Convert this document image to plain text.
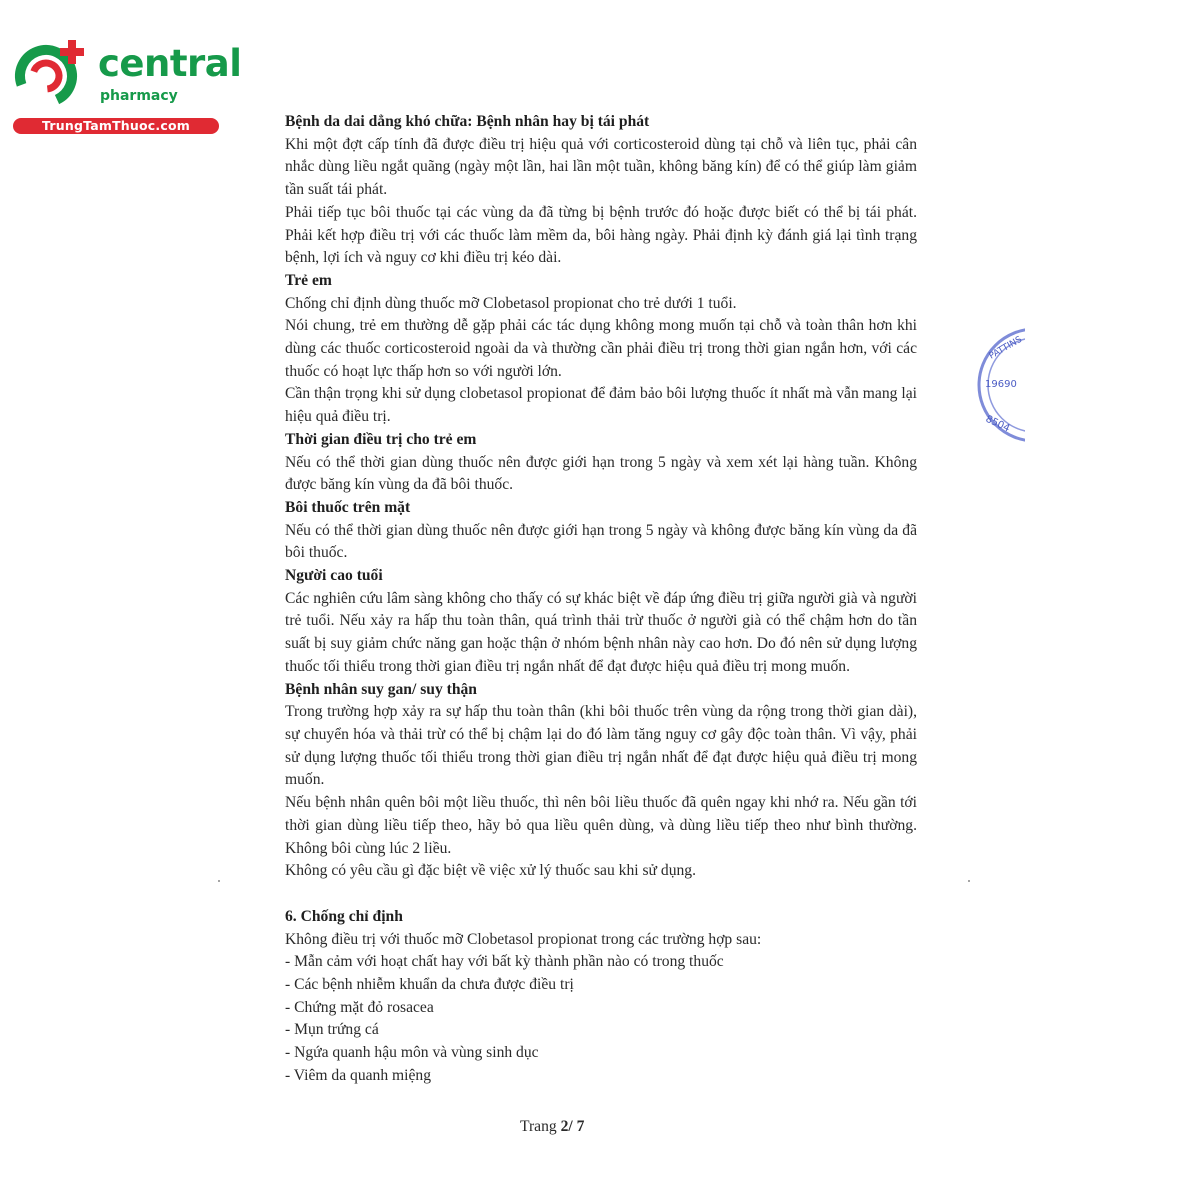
central
pharmacy
TrungTamThuoc.com
PATTINS
19690
8504
Bệnh da dai dẳng khó chữa: Bệnh nhân hay bị tái phát

Khi một đợt cấp tính đã được điều trị hiệu quả với corticosteroid dùng tại chỗ và liên tục, phải cân nhắc dùng liều ngắt quãng (ngày một lần, hai lần một tuần, không băng kín) để có thể giúp làm giảm tần suất tái phát.

Phải tiếp tục bôi thuốc tại các vùng da đã từng bị bệnh trước đó hoặc được biết có thể bị tái phát. Phải kết hợp điều trị với các thuốc làm mềm da, bôi hàng ngày. Phải định kỳ đánh giá lại tình trạng bệnh, lợi ích và nguy cơ khi điều trị kéo dài.

Trẻ em

Chống chỉ định dùng thuốc mỡ Clobetasol propionat cho trẻ dưới 1 tuổi.

Nói chung, trẻ em thường dễ gặp phải các tác dụng không mong muốn tại chỗ và toàn thân hơn khi dùng các thuốc corticosteroid ngoài da và thường cần phải điều trị trong thời gian ngắn hơn, với các thuốc có hoạt lực thấp hơn so với người lớn.

Cần thận trọng khi sử dụng clobetasol propionat để đảm bảo bôi lượng thuốc ít nhất mà vẫn mang lại hiệu quả điều trị.

Thời gian điều trị cho trẻ em

Nếu có thể thời gian dùng thuốc nên được giới hạn trong 5 ngày và xem xét lại hàng tuần. Không được băng kín vùng da đã bôi thuốc.

Bôi thuốc trên mặt

Nếu có thể thời gian dùng thuốc nên được giới hạn trong 5 ngày và không được băng kín vùng da đã bôi thuốc.

Người cao tuổi

Các nghiên cứu lâm sàng không cho thấy có sự khác biệt về đáp ứng điều trị giữa người già và người trẻ tuổi. Nếu xảy ra hấp thu toàn thân, quá trình thải trừ thuốc ở người già có thể chậm hơn do tần suất bị suy giảm chức năng gan hoặc thận ở nhóm bệnh nhân này cao hơn. Do đó nên sử dụng lượng thuốc tối thiểu trong thời gian điều trị ngắn nhất để đạt được hiệu quả điều trị mong muốn.

Bệnh nhân suy gan/ suy thận

Trong trường hợp xảy ra sự hấp thu toàn thân (khi bôi thuốc trên vùng da rộng trong thời gian dài), sự chuyển hóa và thải trừ có thể bị chậm lại do đó làm tăng nguy cơ gây độc toàn thân. Vì vậy, phải sử dụng lượng thuốc tối thiểu trong thời gian điều trị ngắn nhất để đạt được hiệu quả điều trị mong muốn.

Nếu bệnh nhân quên bôi một liều thuốc, thì nên bôi liều thuốc đã quên ngay khi nhớ ra. Nếu gần tới thời gian dùng liều tiếp theo, hãy bỏ qua liều quên dùng, và dùng liều tiếp theo như bình thường. Không bôi cùng lúc 2 liều.

Không có yêu cầu gì đặc biệt về việc xử lý thuốc sau khi sử dụng.

6. Chống chỉ định

Không điều trị với thuốc mỡ Clobetasol propionat trong các trường hợp sau:

- Mẫn cảm với hoạt chất hay với bất kỳ thành phần nào có trong thuốc

- Các bệnh nhiễm khuẩn da chưa được điều trị

- Chứng mặt đỏ rosacea

- Mụn trứng cá

- Ngứa quanh hậu môn và vùng sinh dục

- Viêm da quanh miệng

Trang 2/ 7
